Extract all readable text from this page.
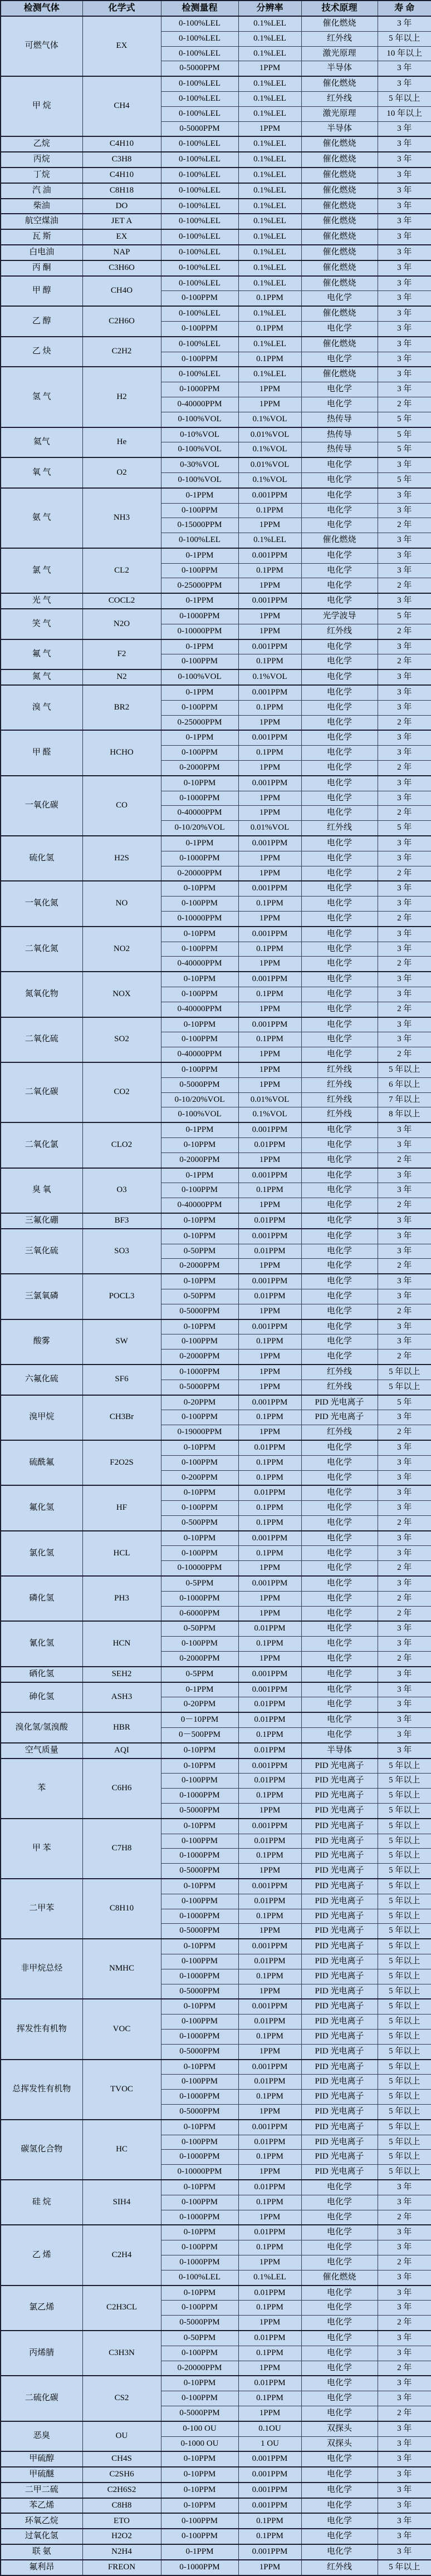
检测气体	化学式	检测量程	分辨率	技术原理	寿 命
可燃气体	EX	0-100%LEL	0.1%LEL	催化燃烧	3 年
		0-100%LEL	0.1%LEL	红外线	5 年以上
		0-100%LEL	0.1%LEL	激光原理	10 年以上
		0-5000PPM	1PPM	半导体	3 年
甲 烷	CH4	0-100%LEL	0.1%LEL	催化燃烧	3 年
		0-100%LEL	0.1%LEL	红外线	5 年以上
		0-100%LEL	0.1%LEL	激光原理	10 年以上
		0-5000PPM	1PPM	半导体	3 年
乙烷	C4H10	0-100%LEL	0.1%LEL	催化燃烧	3 年
丙烷	C3H8	0-100%LEL	0.1%LEL	催化燃烧	3 年
丁烷	C4H10	0-100%LEL	0.1%LEL	催化燃烧	3 年
汽 油	C8H18	0-100%LEL	0.1%LEL	催化燃烧	3 年
柴油	DO	0-100%LEL	0.1%LEL	催化燃烧	3 年
航空煤油	JET A	0-100%LEL	0.1%LEL	催化燃烧	3 年
瓦 斯	EX	0-100%LEL	0.1%LEL	催化燃烧	3 年
白电油	NAP	0-100%LEL	0.1%LEL	催化燃烧	3 年
丙 酮	C3H6O	0-100%LEL	0.1%LEL	催化燃烧	3 年
甲 醇	CH4O	0-100%LEL	0.1%LEL	催化燃烧	3 年
		0-100PPM	0.1PPM	电化学	3 年
乙 醇	C2H6O	0-100%LEL	0.1%LEL	催化燃烧	3 年
		0-100PPM	0.1PPM	电化学	3 年
乙 炔	C2H2	0-100%LEL	0.1%LEL	催化燃烧	3 年
		0-100PPM	0.1PPM	电化学	3 年
氢 气	H2	0-100%LEL	0.1%LEL	催化燃烧	3 年
		0-1000PPM	1PPM	电化学	3 年
		0-40000PPM	1PPM	电化学	2 年
		0-100%VOL	0.1%VOL	热传导	5 年
氦气	He	0-10%VOL	0.01%VOL	热传导	5 年
		0-100%VOL	0.1%VOL	热传导	5 年
氧 气	O2	0-30%VOL	0.01%VOL	电化学	3 年
		0-100%VOL	0.1%VOL	电化学	5 年
氨 气	NH3	0-1PPM	0.001PPM	电化学	3 年
		0-100PPM	0.1PPM	电化学	3 年
		0-15000PPM	1PPM	电化学	2 年
		0-100%LEL	0.1%LEL	催化燃烧	3 年
氯 气	CL2	0-1PPM	0.001PPM	电化学	3 年
		0-100PPM	0.1PPM	电化学	3 年
		0-25000PPM	1PPM	电化学	2 年
光 气	COCL2	0-1PPM	0.001PPM	电化学	3 年
笑 气	N2O	0-1000PPM	1PPM	光学波导	5 年
		0-10000PPM	1PPM	红外线	2 年
氟 气	F2	0-1PPM	0.001PPM	电化学	3 年
		0-100PPM	0.1PPM	电化学	2 年
氮 气	N2	0-100%VOL	0.1%VOL	电化学	3 年
溴 气	BR2	0-1PPM	0.001PPM	电化学	3 年
		0-100PPM	0.1PPM	电化学	3 年
		0-25000PPM	1PPM	电化学	2 年
甲 醛	HCHO	0-1PPM	0.001PPM	电化学	3 年
		0-100PPM	0.1PPM	电化学	3 年
		0-2000PPM	1PPM	电化学	2 年
一氧化碳	CO	0-10PPM	0.001PPM	电化学	3 年
		0-1000PPM	1PPM	电化学	3 年
		0-40000PPM	1PPM	电化学	2 年
		0-10/20%VOL	0.01%VOL	红外线	5 年
硫化氢	H2S	0-1PPM	0.001PPM	电化学	3 年
		0-1000PPM	1PPM	电化学	3 年
		0-20000PPM	1PPM	电化学	2 年
一氧化氮	NO	0-10PPM	0.001PPM	电化学	3 年
		0-100PPM	0.1PPM	电化学	3 年
		0-10000PPM	1PPM	电化学	2 年
二氧化氮	NO2	0-10PPM	0.001PPM	电化学	3 年
		0-100PPM	0.1PPM	电化学	3 年
		0-40000PPM	1PPM	电化学	2 年
氮氧化物	NOX	0-10PPM	0.001PPM	电化学	3 年
		0-100PPM	0.1PPM	电化学	3 年
		0-40000PPM	1PPM	电化学	2 年
二氧化硫	SO2	0-10PPM	0.001PPM	电化学	3 年
		0-100PPM	0.1PPM	电化学	3 年
		0-40000PPM	1PPM	电化学	2 年
二氧化碳	CO2	0-100PPM	1PPM	红外线	5 年以上
		0-5000PPM	1PPM	红外线	6 年以上
		0-10/20%VOL	0.01%VOL	红外线	7 年以上
		0-100%VOL	0.1%VOL	红外线	8 年以上
二氧化氯	CLO2	0-1PPM	0.001PPM	电化学	3 年
		0-10PPM	0.01PPM	电化学	3 年
		0-2000PPM	1PPM	电化学	2 年
臭 氧	O3	0-1PPM	0.001PPM	电化学	3 年
		0-100PPM	0.1PPM	电化学	3 年
		0-40000PPM	1PPM	电化学	2 年
三氟化硼	BF3	0-10PPM	0.01PPM	电化学	3 年
三氧化硫	SO3	0-10PPM	0.001PPM	电化学	3 年
		0-50PPM	0.01PPM	电化学	3 年
		0-2000PPM	1PPM	电化学	2 年
三氯氧磷	POCL3	0-10PPM	0.001PPM	电化学	3 年
		0-50PPM	0.01PPM	电化学	3 年
		0-5000PPM	1PPM	电化学	2 年
酸雾	SW	0-10PPM	0.001PPM	电化学	3 年
		0-100PPM	0.1PPM	电化学	3 年
		0-2000PPM	1PPM	电化学	2 年
六氟化硫	SF6	0-1000PPM	1PPM	红外线	5 年以上
		0-5000PPM	1PPM	红外线	5 年以上
溴甲烷	CH3Br	0-20PPM	0.001PPM	PID 光电离子	5 年
		0-100PPM	0.1PPM	PID 光电离子	3 年
		0-19000PPM	1PPM	红外线	2 年
硫酰氟	F2O2S	0-10PPM	0.01PPM	电化学	3 年
		0-100PPM	0.1PPM	电化学	3 年
		0-200PPM	0.1PPM	电化学	3 年
氟化氢	HF	0-10PPM	0.01PPM	电化学	3 年
		0-100PPM	0.1PPM	电化学	3 年
		0-500PPM	0.1PPM	电化学	2 年
氯化氢	HCL	0-10PPM	0.001PPM	电化学	3 年
		0-100PPM	0.1PPM	电化学	3 年
		0-10000PPM	1PPM	电化学	2 年
磷化氢	PH3	0-5PPM	0.001PPM	电化学	3 年
		0-1000PPM	1PPM	电化学	2 年
		0-6000PPM	1PPM	电化学	2 年
氰化氢	HCN	0-50PPM	0.01PPM	电化学	3 年
		0-100PPM	0.1PPM	电化学	3 年
		0-2000PPM	1PPM	电化学	2 年
硒化氢	SEH2	0-5PPM	0.001PPM	电化学	3 年
砷化氢	ASH3	0-1PPM	0.001PPM	电化学	3 年
		0-20PPM	0.01PPM	电化学	3 年
溴化氢/氢溴酸	HBR	0－10PPM	0.01PPM	电化学	3 年
		0－500PPM	0.1PPM	电化学	3 年
空气质量	AQI	0-10PPM	0.01PPM	半导体	3 年
苯	C6H6	0-10PPM	0.001PPM	PID 光电离子	5 年以上
		0-100PPM	0.01PPM	PID 光电离子	5 年以上
		0-1000PPM	0.1PPM	PID 光电离子	5 年以上
		0-5000PPM	1PPM	PID 光电离子	5 年以上
甲 苯	C7H8	0-10PPM	0.001PPM	PID 光电离子	5 年以上
		0-100PPM	0.01PPM	PID 光电离子	5 年以上
		0-1000PPM	0.1PPM	PID 光电离子	5 年以上
		0-5000PPM	1PPM	PID 光电离子	5 年以上
二甲苯	C8H10	0-10PPM	0.001PPM	PID 光电离子	5 年以上
		0-100PPM	0.01PPM	PID 光电离子	5 年以上
		0-1000PPM	0.1PPM	PID 光电离子	5 年以上
		0-5000PPM	1PPM	PID 光电离子	5 年以上
非甲烷总烃	NMHC	0-10PPM	0.001PPM	PID 光电离子	5 年以上
		0-100PPM	0.01PPM	PID 光电离子	5 年以上
		0-1000PPM	0.1PPM	PID 光电离子	5 年以上
		0-5000PPM	1PPM	PID 光电离子	5 年以上
挥发性有机物	VOC	0-10PPM	0.001PPM	PID 光电离子	5 年以上
		0-100PPM	0.01PPM	PID 光电离子	5 年以上
		0-1000PPM	0.1PPM	PID 光电离子	5 年以上
		0-5000PPM	1PPM	PID 光电离子	5 年以上
总挥发性有机物	TVOC	0-10PPM	0.001PPM	PID 光电离子	5 年以上
		0-100PPM	0.01PPM	PID 光电离子	5 年以上
		0-1000PPM	0.1PPM	PID 光电离子	5 年以上
		0-5000PPM	1PPM	PID 光电离子	5 年以上
碳氢化合物	HC	0-10PPM	0.001PPM	PID 光电离子	5 年以上
		0-100PPM	0.01PPM	PID 光电离子	5 年以上
		0-1000PPM	0.1PPM	PID 光电离子	5 年以上
		0-10000PPM	1PPM	PID 光电离子	5 年以上
硅 烷	SIH4	0-10PPM	0.01PPM	电化学	3 年
		0-100PPM	0.1PPM	电化学	3 年
		0-1000PPM	1PPM	电化学	2 年
乙 烯	C2H4	0-10PPM	0.01PPM	电化学	3 年
		0-100PPM	0.1PPM	电化学	3 年
		0-1000PPM	1PPM	电化学	2 年
		0-100%LEL	0.1%LEL	催化燃烧	3 年
氯乙烯	C2H3CL	0-10PPM	0.01PPM	电化学	3 年
		0-100PPM	0.1PPM	电化学	3 年
		0-5000PPM	1PPM	电化学	2 年
丙烯腈	C3H3N	0-50PPM	0.01PPM	电化学	3 年
		0-100PPM	0.1PPM	电化学	3 年
		0-20000PPM	1PPM	电化学	2 年
二硫化碳	CS2	0-10PPM	0.01PPM	电化学	3 年
		0-100PPM	0.1PPM	电化学	3 年
		0-5000PPM	1PPM	电化学	2 年
恶臭	OU	0-100 OU	0.1OU	双探头	3 年
		0-1000 OU	1 OU	双探头	3 年
甲硫醇	CH4S	0-10PPM	0.001PPM	电化学	3 年
甲硫醚	C2SH6	0-10PPM	0.001PPM	电化学	3 年
二甲二硫	C2H6S2	0-10PPM	0.001PPM	电化学	3 年
苯乙烯	C8H8	0-10PPM	0.001PPM	电化学	3 年
环氧乙烷	ETO	0-100PPM	0.1PPM	电化学	3 年
过氧化氢	H2O2	0-100PPM	0.1PPM	电化学	3 年
联 氨	N2H4	0-1PPM	0.001PPM	电化学	3 年
氟利昂	FREON	0-1000PPM	1PPM	红外线	5 年以上
